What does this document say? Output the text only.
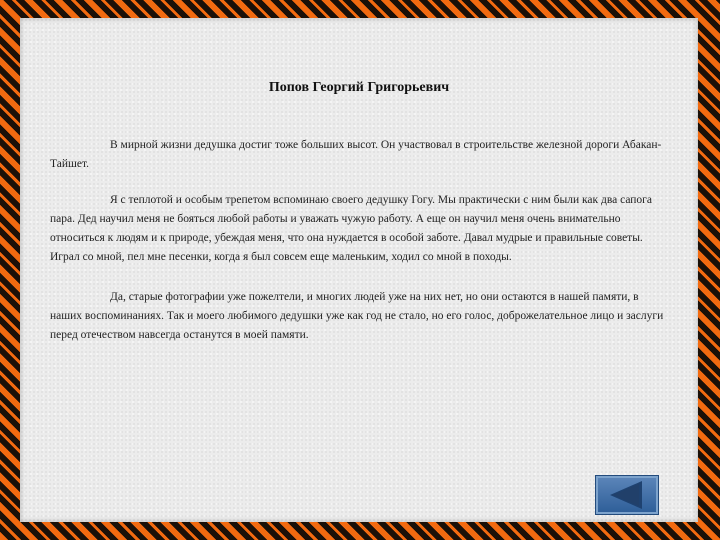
Попов Георгий Григорьевич

В мирной жизни дедушка достиг тоже больших высот. Он участвовал в строительстве железной дороги Абакан-Тайшет.

Я с теплотой и особым трепетом вспоминаю своего дедушку Гогу. Мы практически с ним были как два сапога пара. Дед научил меня не бояться любой работы и уважать чужую работу. А еще он научил меня очень внимательно относиться к людям и к природе, убеждая меня, что она нуждается в особой заботе. Давал мудрые и правильные советы. Играл со мной, пел мне песенки, когда я был совсем еще маленьким, ходил со мной в походы.

Да, старые фотографии уже пожелтели, и многих людей уже на них нет, но они остаются в нашей памяти, в наших воспоминаниях. Так и моего любимого дедушки уже как год не стало, но его голос, доброжелательное лицо и заслуги перед отечеством навсегда останутся в моей памяти.
